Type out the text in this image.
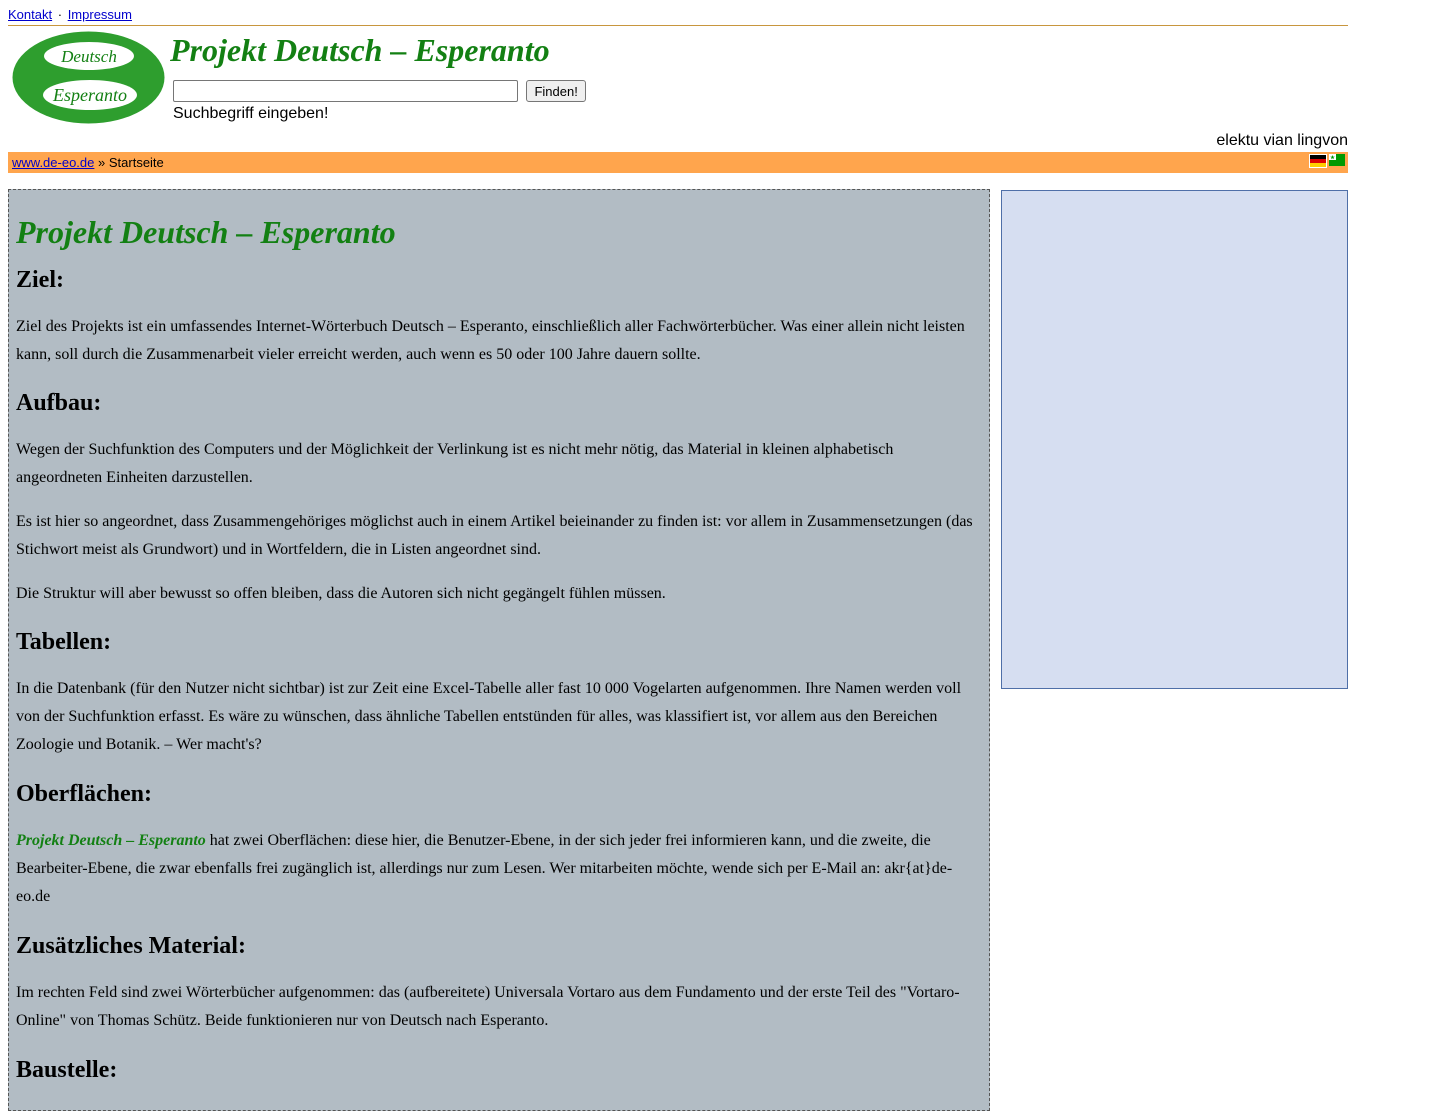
Kontakt · Impressum
Deutsch
Esperanto
Projekt Deutsch – Esperanto
Finden!
Suchbegriff eingeben!
elektu vian lingvon
www.de-eo.de » Startseite
Projekt Deutsch – Esperanto
Ziel:

Ziel des Projekts ist ein umfassendes Internet-Wörterbuch Deutsch – Esperanto, einschließlich aller Fachwörterbücher. Was einer allein nicht leisten kann, soll durch die Zusammenarbeit vieler erreicht werden, auch wenn es 50 oder 100 Jahre dauern sollte.

Aufbau:

Wegen der Suchfunktion des Computers und der Möglichkeit der Verlinkung ist es nicht mehr nötig, das Material in kleinen alphabetisch angeordneten Einheiten darzustellen.

Es ist hier so angeordnet, dass Zusammengehöriges möglichst auch in einem Artikel beieinander zu finden ist: vor allem in Zusammensetzungen (das Stichwort meist als Grundwort) und in Wortfeldern, die in Listen angeordnet sind.

Die Struktur will aber bewusst so offen bleiben, dass die Autoren sich nicht gegängelt fühlen müssen.

Tabellen:

In die Datenbank (für den Nutzer nicht sichtbar) ist zur Zeit eine Excel-Tabelle aller fast 10 000 Vogelarten aufgenommen. Ihre Namen werden voll von der Suchfunktion erfasst. Es wäre zu wünschen, dass ähnliche Tabellen entstünden für alles, was klassifiert ist, vor allem aus den Bereichen Zoologie und Botanik. – Wer macht's?

Oberflächen:

Projekt Deutsch – Esperanto hat zwei Oberflächen: diese hier, die Benutzer-Ebene, in der sich jeder frei informieren kann, und die zweite, die Bearbeiter-Ebene, die zwar ebenfalls frei zugänglich ist, allerdings nur zum Lesen. Wer mitarbeiten möchte, wende sich per E-Mail an: akr{at}de-eo.de

Zusätzliches Material:

Im rechten Feld sind zwei Wörterbücher aufgenommen: das (aufbereitete) Universala Vortaro aus dem Fundamento und der erste Teil des "Vortaro-Online" von Thomas Schütz. Beide funktionieren nur von Deutsch nach Esperanto.

Baustelle:
